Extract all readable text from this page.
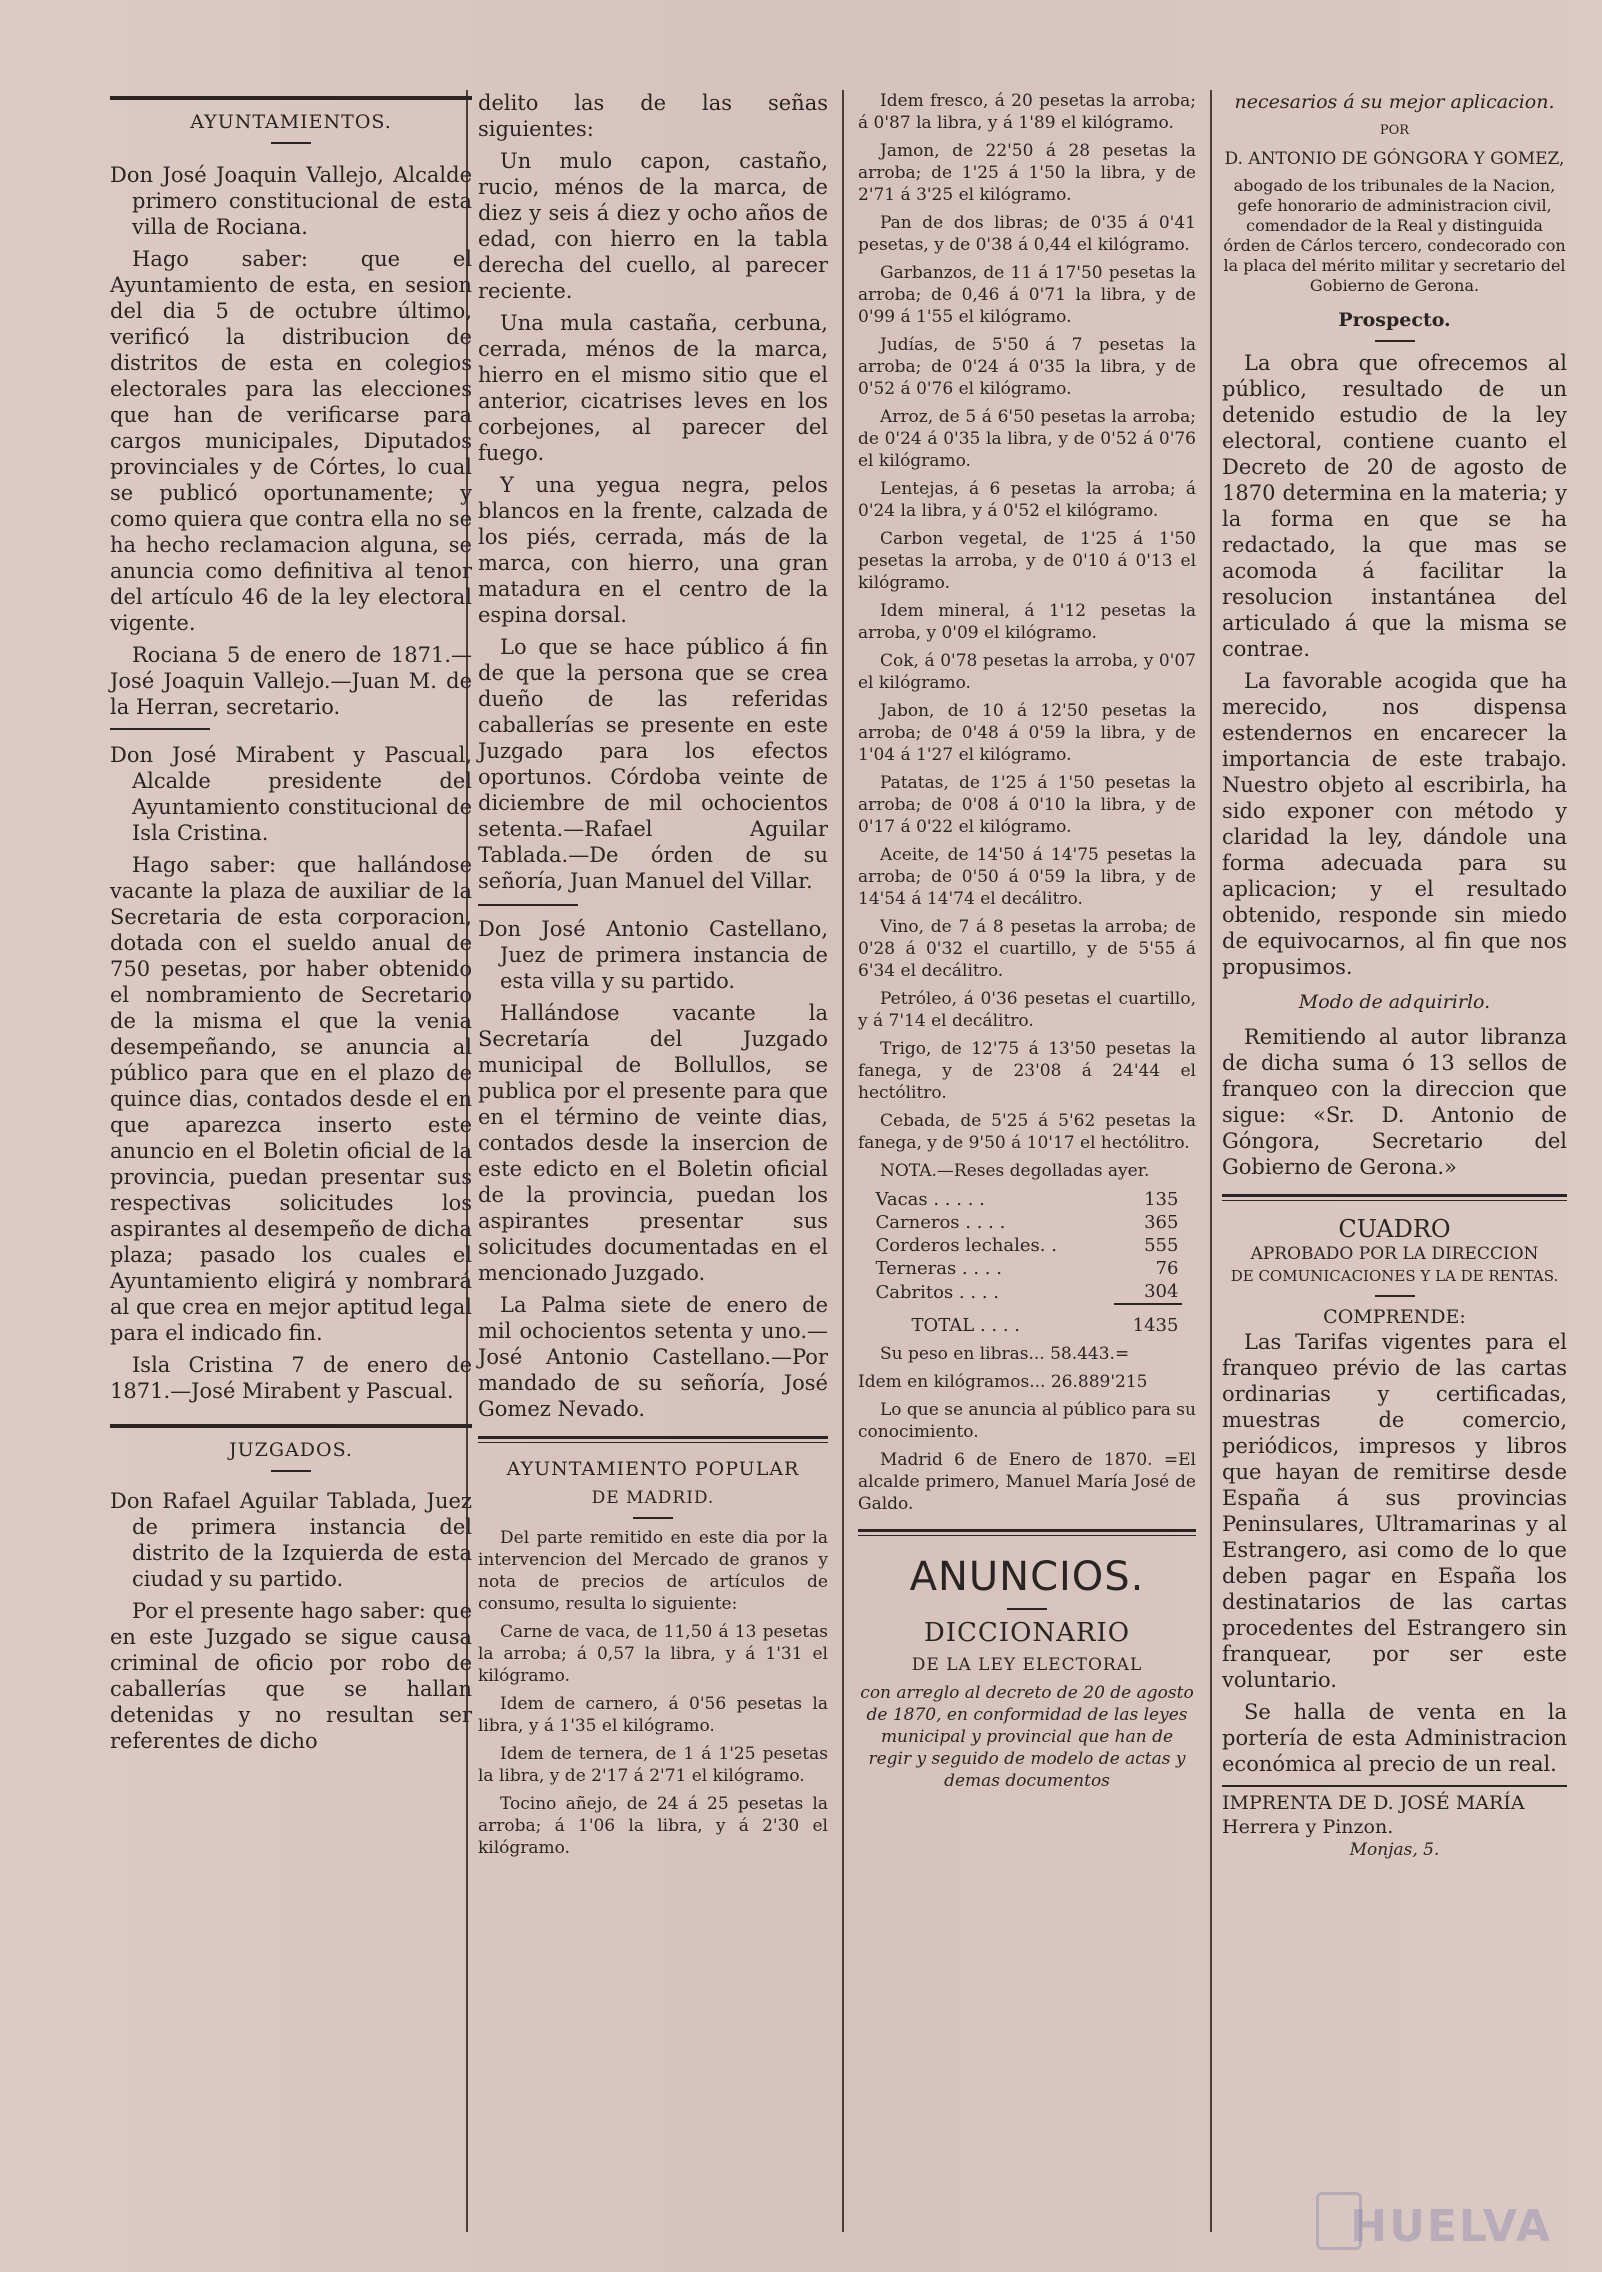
AYUNTAMIENTOS.

Don José Joaquin Vallejo, Alcalde primero constitucional de esta villa de Rociana.

Hago saber: que el Ayuntamiento de esta, en sesion del dia 5 de octubre último, verificó la distribucion de distritos de esta en colegios electorales para las elecciones que han de verificarse para cargos municipales, Diputados provinciales y de Córtes, lo cual se publicó oportunamente; y como quiera que contra ella no se ha hecho reclamacion alguna, se anuncia como definitiva al tenor del artículo 46 de la ley electoral vigente.

Rociana 5 de enero de 1871.—José Joaquin Vallejo.—Juan M. de la Herran, secretario.

Don José Mirabent y Pascual, Alcalde presidente del Ayuntamiento constitucional de Isla Cristina.

Hago saber: que hallándose vacante la plaza de auxiliar de la Secretaria de esta corporacion, dotada con el sueldo anual de 750 pesetas, por haber obtenido el nombramiento de Secretario de la misma el que la venia desempeñando, se anuncia al público para que en el plazo de quince dias, contados desde el en que aparezca inserto este anuncio en el Boletin oficial de la provincia, puedan presentar sus respectivas solicitudes los aspirantes al desempeño de dicha plaza; pasado los cuales el Ayuntamiento eligirá y nombrará al que crea en mejor aptitud legal para el indicado fin.

Isla Cristina 7 de enero de 1871.—José Mirabent y Pascual.

JUZGADOS.

Don Rafael Aguilar Tablada, Juez de primera instancia del distrito de la Izquierda de esta ciudad y su partido.

Por el presente hago saber: que en este Juzgado se sigue causa criminal de oficio por robo de caballerías que se hallan detenidas y no resultan ser referentes de dicho

delito las de las señas siguientes:

Un mulo capon, castaño, rucio, ménos de la marca, de diez y seis á diez y ocho años de edad, con hierro en la tabla derecha del cuello, al parecer reciente.

Una mula castaña, cerbuna, cerrada, ménos de la marca, hierro en el mismo sitio que el anterior, cicatrises leves en los corbejones, al parecer del fuego.

Y una yegua negra, pelos blancos en la frente, calzada de los piés, cerrada, más de la marca, con hierro, una gran matadura en el centro de la espina dorsal.

Lo que se hace público á fin de que la persona que se crea dueño de las referidas caballerías se presente en este Juzgado para los efectos oportunos. Córdoba veinte de diciembre de mil ochocientos setenta.—Rafael Aguilar Tablada.—De órden de su señoría, Juan Manuel del Villar.

Don José Antonio Castellano, Juez de primera instancia de esta villa y su partido.

Hallándose vacante la Secretaría del Juzgado municipal de Bollullos, se publica por el presente para que en el término de veinte dias, contados desde la insercion de este edicto en el Boletin oficial de la provincia, puedan los aspirantes presentar sus solicitudes documentadas en el mencionado Juzgado.

La Palma siete de enero de mil ochocientos setenta y uno.—José Antonio Castellano.—Por mandado de su señoría, José Gomez Nevado.

AYUNTAMIENTO POPULAR
DE MADRID.

Del parte remitido en este dia por la intervencion del Mercado de granos y nota de precios de artículos de consumo, resulta lo siguiente:

Carne de vaca, de 11,50 á 13 pesetas la arroba; á 0,57 la libra, y á 1'31 el kilógramo.

Idem de carnero, á 0'56 pesetas la libra, y á 1'35 el kilógramo.

Idem de ternera, de 1 á 1'25 pesetas la libra, y de 2'17 á 2'71 el kilógramo.

Tocino añejo, de 24 á 25 pesetas la arroba; á 1'06 la libra, y á 2'30 el kilógramo.

Idem fresco, á 20 pesetas la arroba; á 0'87 la libra, y á 1'89 el kilógramo.

Jamon, de 22'50 á 28 pesetas la arroba; de 1'25 á 1'50 la libra, y de 2'71 á 3'25 el kilógramo.

Pan de dos libras; de 0'35 á 0'41 pesetas, y de 0'38 á 0,44 el kilógramo.

Garbanzos, de 11 á 17'50 pesetas la arroba; de 0,46 á 0'71 la libra, y de 0'99 á 1'55 el kilógramo.

Judías, de 5'50 á 7 pesetas la arroba; de 0'24 á 0'35 la libra, y de 0'52 á 0'76 el kilógramo.

Arroz, de 5 á 6'50 pesetas la arroba; de 0'24 á 0'35 la libra, y de 0'52 á 0'76 el kilógramo.

Lentejas, á 6 pesetas la arroba; á 0'24 la libra, y á 0'52 el kilógramo.

Carbon vegetal, de 1'25 á 1'50 pesetas la arroba, y de 0'10 á 0'13 el kilógramo.

Idem mineral, á 1'12 pesetas la arroba, y 0'09 el kilógramo.

Cok, á 0'78 pesetas la arroba, y 0'07 el kilógramo.

Jabon, de 10 á 12'50 pesetas la arroba; de 0'48 á 0'59 la libra, y de 1'04 á 1'27 el kilógramo.

Patatas, de 1'25 á 1'50 pesetas la arroba; de 0'08 á 0'10 la libra, y de 0'17 á 0'22 el kilógramo.

Aceite, de 14'50 á 14'75 pesetas la arroba; de 0'50 á 0'59 la libra, y de 14'54 á 14'74 el decálitro.

Vino, de 7 á 8 pesetas la arroba; de 0'28 á 0'32 el cuartillo, y de 5'55 á 6'34 el decálitro.

Petróleo, á 0'36 pesetas el cuartillo, y á 7'14 el decálitro.

Trigo, de 12'75 á 13'50 pesetas la fanega, y de 23'08 á 24'44 el hectólitro.

Cebada, de 5'25 á 5'62 pesetas la fanega, y de 9'50 á 10'17 el hectólitro.

NOTA.—Reses degolladas ayer.

Vacas . . . . .	135
Carneros . . . .	365
Corderos lechales. .	555
Terneras . . . .	76
Cabritos . . . .	304
TOTAL . . . .	1435

Su peso en libras... 58.443.=

Idem en kilógramos... 26.889'215

Lo que se anuncia al público para su conocimiento.

Madrid 6 de Enero de 1870. =El alcalde primero, Manuel María José de Galdo.

ANUNCIOS.
DICCIONARIO
DE LA LEY ELECTORAL

con arreglo al decreto de 20 de agosto de 1870, en conformidad de las leyes municipal y provincial que han de regir y seguido de modelo de actas y demas documentos

necesarios á su mejor aplicacion.

POR
D. ANTONIO DE GÓNGORA Y GOMEZ,

abogado de los tribunales de la Nacion, gefe honorario de administracion civil, comendador de la Real y distinguida órden de Cárlos tercero, condecorado con la placa del mérito militar y secretario del Gobierno de Gerona.

Prospecto.

La obra que ofrecemos al público, resultado de un detenido estudio de la ley electoral, contiene cuanto el Decreto de 20 de agosto de 1870 determina en la materia; y la forma en que se ha redactado, la que mas se acomoda á facilitar la resolucion instantánea del articulado á que la misma se contrae.

La favorable acogida que ha merecido, nos dispensa estendernos en encarecer la importancia de este trabajo. Nuestro objeto al escribirla, ha sido exponer con método y claridad la ley, dándole una forma adecuada para su aplicacion; y el resultado obtenido, responde sin miedo de equivocarnos, al fin que nos propusimos.

Modo de adquirirlo.

Remitiendo al autor libranza de dicha suma ó 13 sellos de franqueo con la direccion que sigue: «Sr. D. Antonio de Góngora, Secretario del Gobierno de Gerona.»

CUADRO
APROBADO POR LA DIRECCION
DE COMUNICACIONES Y LA DE RENTAS.
COMPRENDE:

Las Tarifas vigentes para el franqueo prévio de las cartas ordinarias y certificadas, muestras de comercio, periódicos, impresos y libros que hayan de remitirse desde España á sus provincias Peninsulares, Ultramarinas y al Estrangero, asi como de lo que deben pagar en España los destinatarios de las cartas procedentes del Estrangero sin franquear, por ser este voluntario.

Se halla de venta en la portería de esta Administracion económica al precio de un real.

IMPRENTA DE D. JOSÉ MARÍA Herrera y Pinzon.
Monjas, 5.
HUELVA
